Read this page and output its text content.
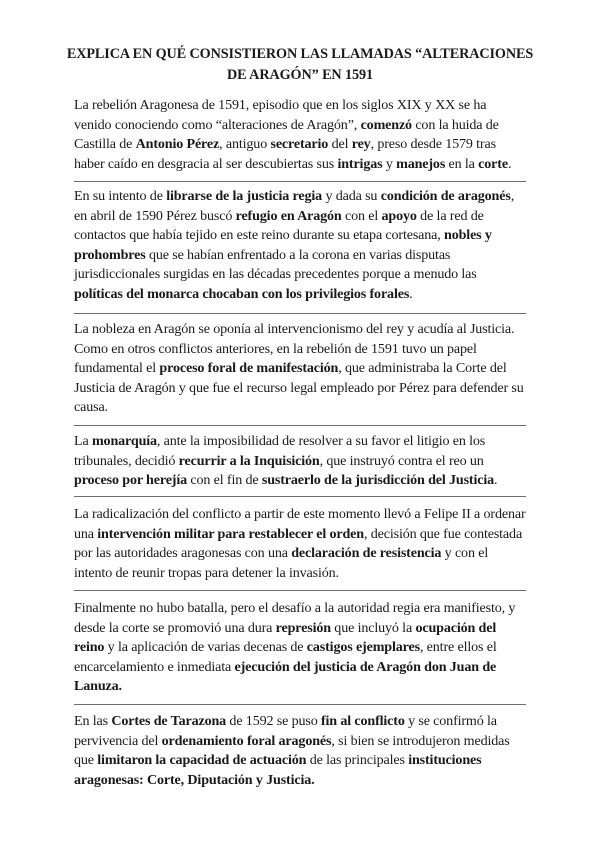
EXPLICA EN QUÉ CONSISTIERON LAS LLAMADAS “ALTERACIONES
DE ARAGÓN” EN 1591
La rebelión Aragonesa de 1591, episodio que en los siglos XIX y XX se ha venido conociendo como “alteraciones de Aragón”, comenzó con la huida de Castilla de Antonio Pérez, antiguo secretario del rey, preso desde 1579 tras haber caído en desgracia al ser descubiertas sus intrigas y manejos en la corte.
En su intento de librarse de la justicia regia y dada su condición de aragonés, en abril de 1590 Pérez buscó refugio en Aragón con el apoyo de la red de contactos que había tejido en este reino durante su etapa cortesana, nobles y prohombres que se habían enfrentado a la corona en varias disputas jurisdiccionales surgidas en las décadas precedentes porque a menudo las políticas del monarca chocaban con los privilegios forales.
La nobleza en Aragón se oponía al intervencionismo del rey y acudía al Justicia. Como en otros conflictos anteriores, en la rebelión de 1591 tuvo un papel fundamental el proceso foral de manifestación, que administraba la Corte del Justicia de Aragón y que fue el recurso legal empleado por Pérez para defender su causa.
La monarquía, ante la imposibilidad de resolver a su favor el litigio en los tribunales, decidió recurrir a la Inquisición, que instruyó contra el reo un proceso por herejía con el fin de sustraerlo de la jurisdicción del Justicia.
La radicalización del conflicto a partir de este momento llevó a Felipe II a ordenar una intervención militar para restablecer el orden, decisión que fue contestada por las autoridades aragonesas con una declaración de resistencia y con el intento de reunir tropas para detener la invasión.
Finalmente no hubo batalla, pero el desafío a la autoridad regia era manifiesto, y desde la corte se promovió una dura represión que incluyó la ocupación del reino y la aplicación de varias decenas de castigos ejemplares, entre ellos el encarcelamiento e inmediata ejecución del justicia de Aragón don Juan de Lanuza.
En las Cortes de Tarazona de 1592 se puso fin al conflicto y se confirmó la pervivencia del ordenamiento foral aragonés, si bien se introdujeron medidas que limitaron la capacidad de actuación de las principales instituciones aragonesas: Corte, Diputación y Justicia.
